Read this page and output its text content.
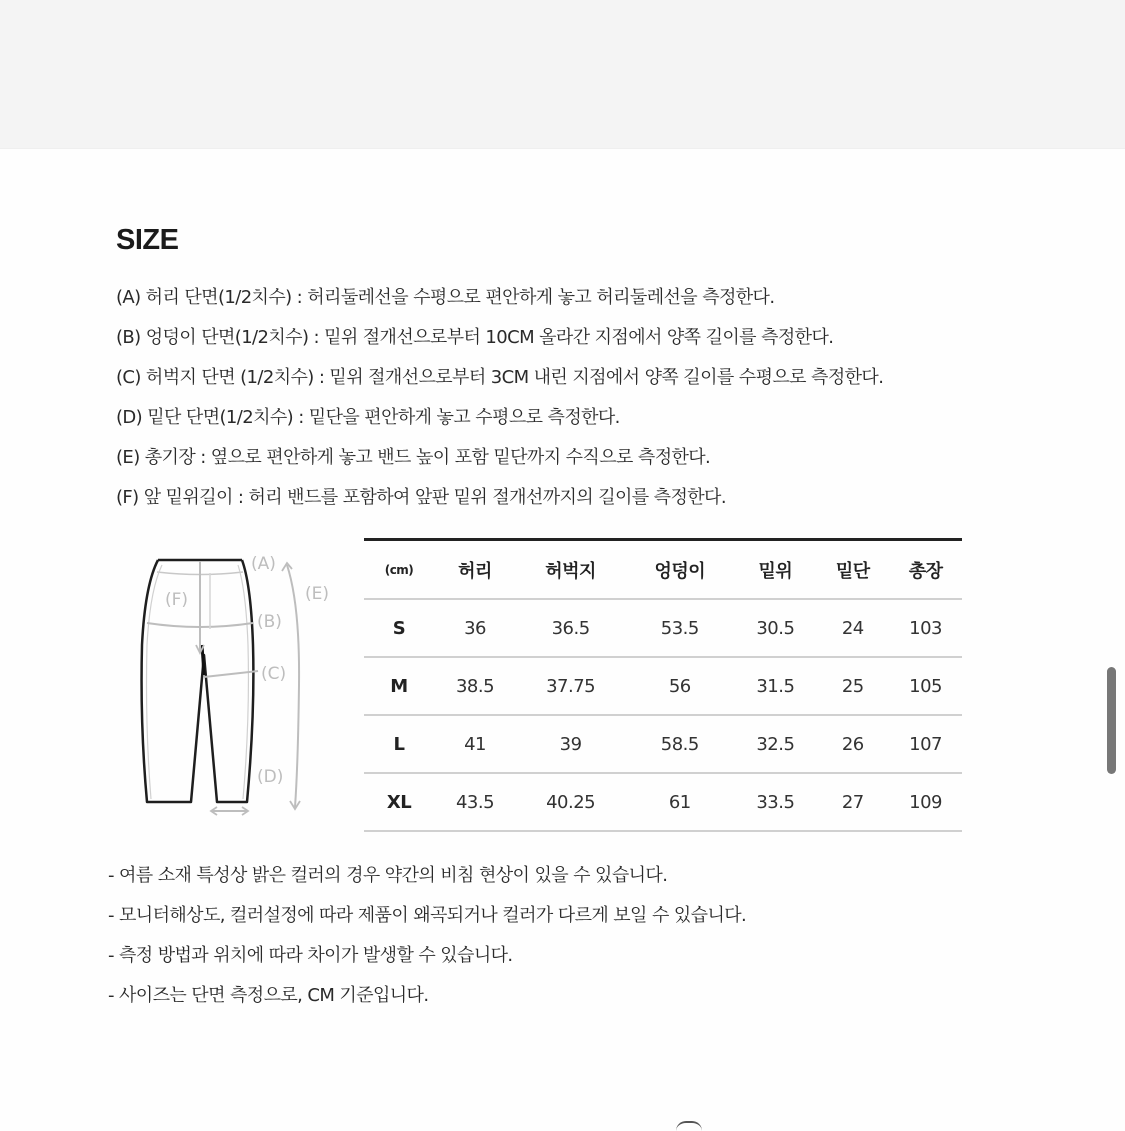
SIZE
(A) 허리 단면(1/2치수) : 허리둘레선을 수평으로 편안하게 놓고 허리둘레선을 측정한다.
(B) 엉덩이 단면(1/2치수) : 밑위 절개선으로부터 10CM 올라간 지점에서 양쪽 길이를 측정한다.
(C) 허벅지 단면 (1/2치수) : 밑위 절개선으로부터 3CM 내린 지점에서 양쪽 길이를 수평으로 측정한다.
(D) 밑단 단면(1/2치수) : 밑단을 편안하게 놓고 수평으로 측정한다.
(E) 총기장 : 옆으로 편안하게 놓고 밴드 높이 포함 밑단까지 수직으로 측정한다.
(F) 앞 밑위길이 : 허리 밴드를 포함하여 앞판 밑위 절개선까지의 길이를 측정한다.
(A)
(E)
(F)
(B)
(C)
(D)
(cm)	허리	허벅지	엉덩이	밑위	밑단	총장
S	36	36.5	53.5	30.5	24	103
M	38.5	37.75	56	31.5	25	105
L	41	39	58.5	32.5	26	107
XL	43.5	40.25	61	33.5	27	109
- 여름 소재 특성상 밝은 컬러의 경우 약간의 비침 현상이 있을 수 있습니다.
- 모니터해상도, 컬러설정에 따라 제품이 왜곡되거나 컬러가 다르게 보일 수 있습니다.
- 측정 방법과 위치에 따라 차이가 발생할 수 있습니다.
- 사이즈는 단면 측정으로, CM 기준입니다.
